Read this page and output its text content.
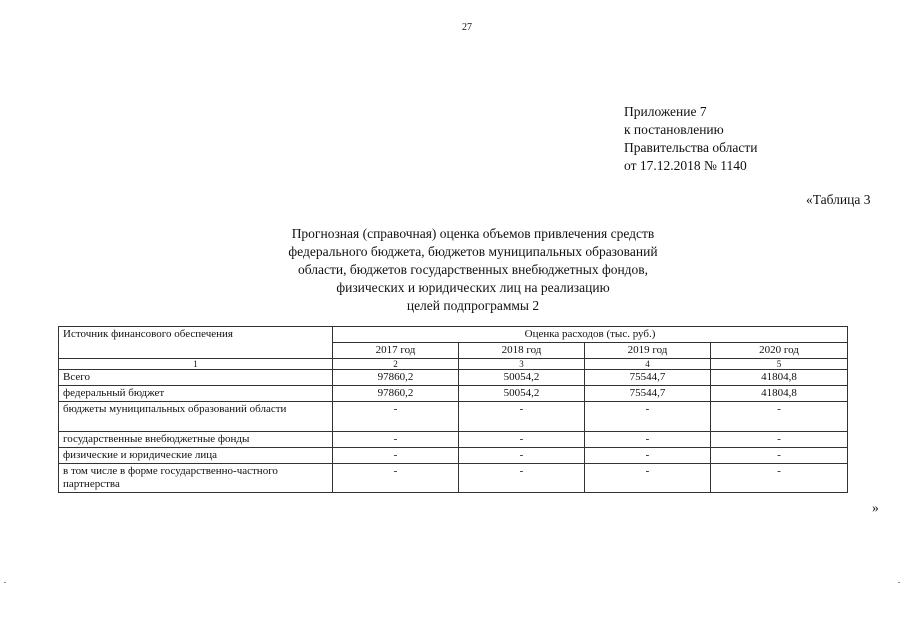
27
Приложение 7
к постановлению
Правительства области
от 17.12.2018 № 1140
«Таблица 3
Прогнозная (справочная) оценка объемов привлечения средств
федерального бюджета, бюджетов муниципальных образований
области, бюджетов государственных внебюджетных фондов,
физических и юридических лиц на реализацию
целей подпрограммы 2
Источник финансового обеспечения	Оценка расходов (тыс. руб.)			
	2017 год	2018 год	2019 год	2020 год
1	2	3	4	5
Всего	97860,2	50054,2	75544,7	41804,8
федеральный бюджет	97860,2	50054,2	75544,7	41804,8
бюджеты муниципальных образований области	-	-	-	-
государственные внебюджетные фонды	-	-	-	-
физические и юридические лица	-	-	-	-
в том числе в форме государственно-частного партнерства	-	-	-	-
»
